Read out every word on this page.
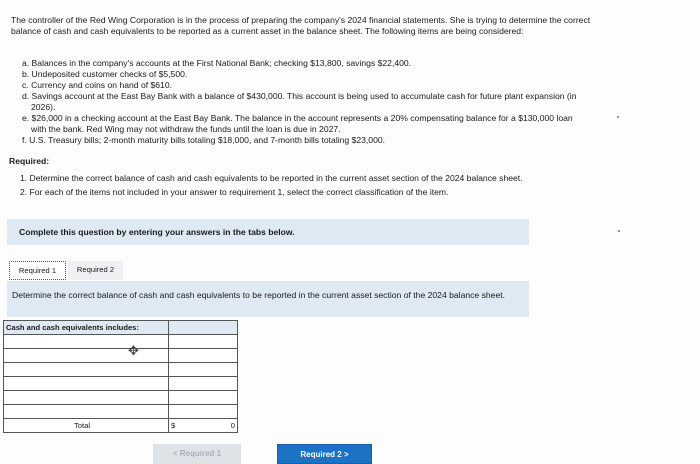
The controller of the Red Wing Corporation is in the process of preparing the company's 2024 financial statements. She is trying to determine the correct balance of cash and cash equivalents to be reported as a current asset in the balance sheet. The following items are being considered:
a. Balances in the company's accounts at the First National Bank; checking $13,800, savings $22,400.
b. Undeposited customer checks of $5,500.
c. Currency and coins on hand of $610.
d. Savings account at the East Bay Bank with a balance of $430,000. This account is being used to accumulate cash for future plant expansion (in 2026).
e. $26,000 in a checking account at the East Bay Bank. The balance in the account represents a 20% compensating balance for a $130,000 loan with the bank. Red Wing may not withdraw the funds until the loan is due in 2027.
f. U.S. Treasury bills; 2-month maturity bills totaling $18,000, and 7-month bills totaling $23,000.
Required:
1. Determine the correct balance of cash and cash equivalents to be reported in the current asset section of the 2024 balance sheet.
2. For each of the items not included in your answer to requirement 1, select the correct classification of the item.
Complete this question by entering your answers in the tabs below.
Required 1	Required 2
Determine the correct balance of cash and cash equivalents to be reported in the current asset section of the 2024 balance sheet.
Cash and cash equivalents includes:	

Total	$ 0
✥
< Required 1	Required 2 >
